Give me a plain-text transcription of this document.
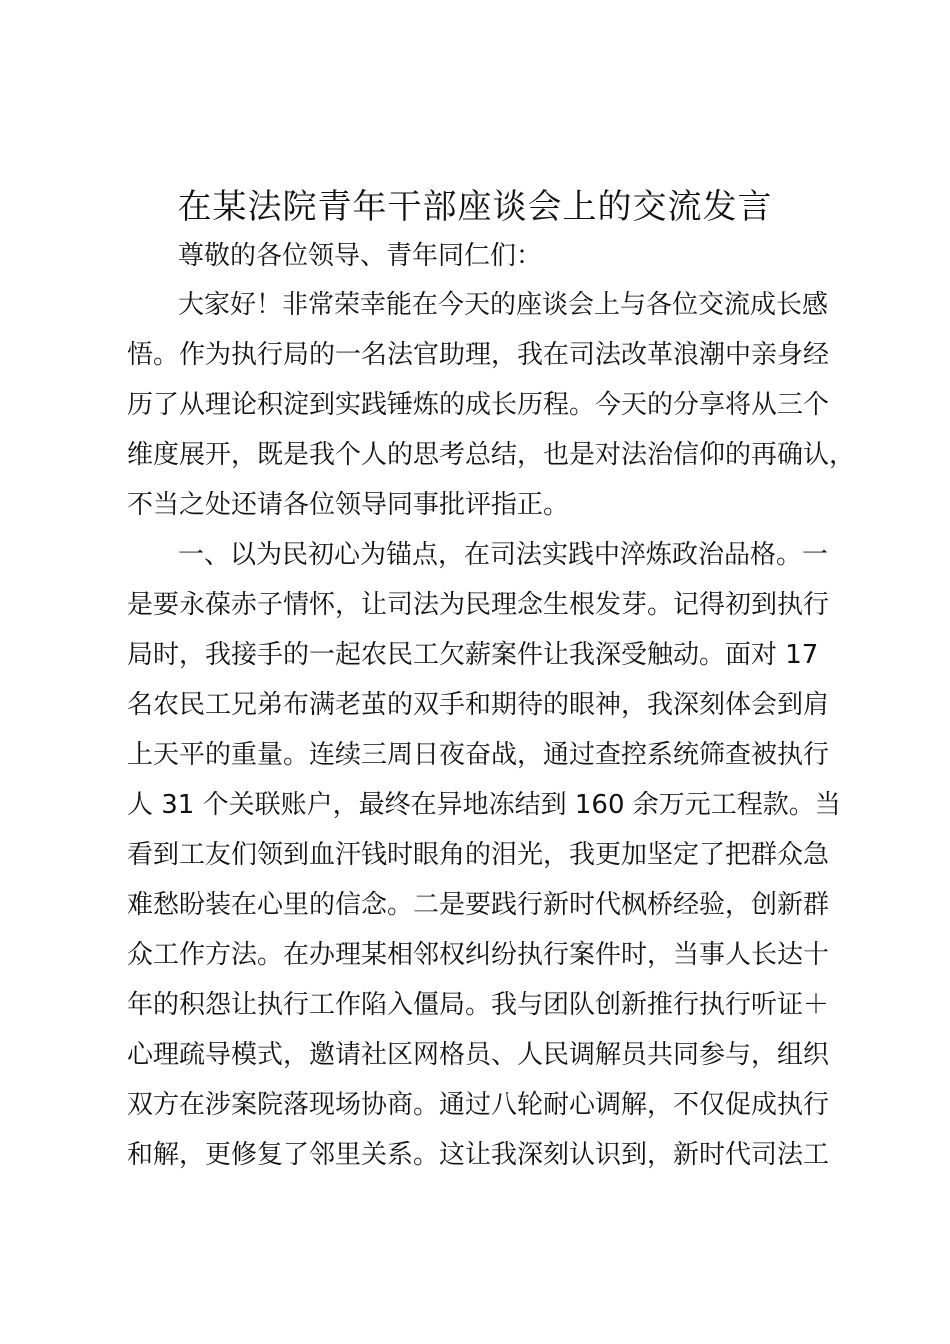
在某法院青年干部座谈会上的交流发言

尊敬的各位领导、青年同仁们：

大家好！非常荣幸能在今天的座谈会上与各位交流成长感

悟。作为执行局的一名法官助理，我在司法改革浪潮中亲身经

历了从理论积淀到实践锤炼的成长历程。今天的分享将从三个

维度展开，既是我个人的思考总结，也是对法治信仰的再确认，

不当之处还请各位领导同事批评指正。

一、以为民初心为锚点，在司法实践中淬炼政治品格。一

是要永葆赤子情怀，让司法为民理念生根发芽。记得初到执行

局时，我接手的一起农民工欠薪案件让我深受触动。面对 17

名农民工兄弟布满老茧的双手和期待的眼神，我深刻体会到肩

上天平的重量。连续三周日夜奋战，通过查控系统筛查被执行

人 31 个关联账户，最终在异地冻结到 160 余万元工程款。当

看到工友们领到血汗钱时眼角的泪光，我更加坚定了把群众急

难愁盼装在心里的信念。二是要践行新时代枫桥经验，创新群

众工作方法。在办理某相邻权纠纷执行案件时，当事人长达十

年的积怨让执行工作陷入僵局。我与团队创新推行执行听证＋

心理疏导模式，邀请社区网格员、人民调解员共同参与，组织

双方在涉案院落现场协商。通过八轮耐心调解，不仅促成执行

和解，更修复了邻里关系。这让我深刻认识到，新时代司法工
